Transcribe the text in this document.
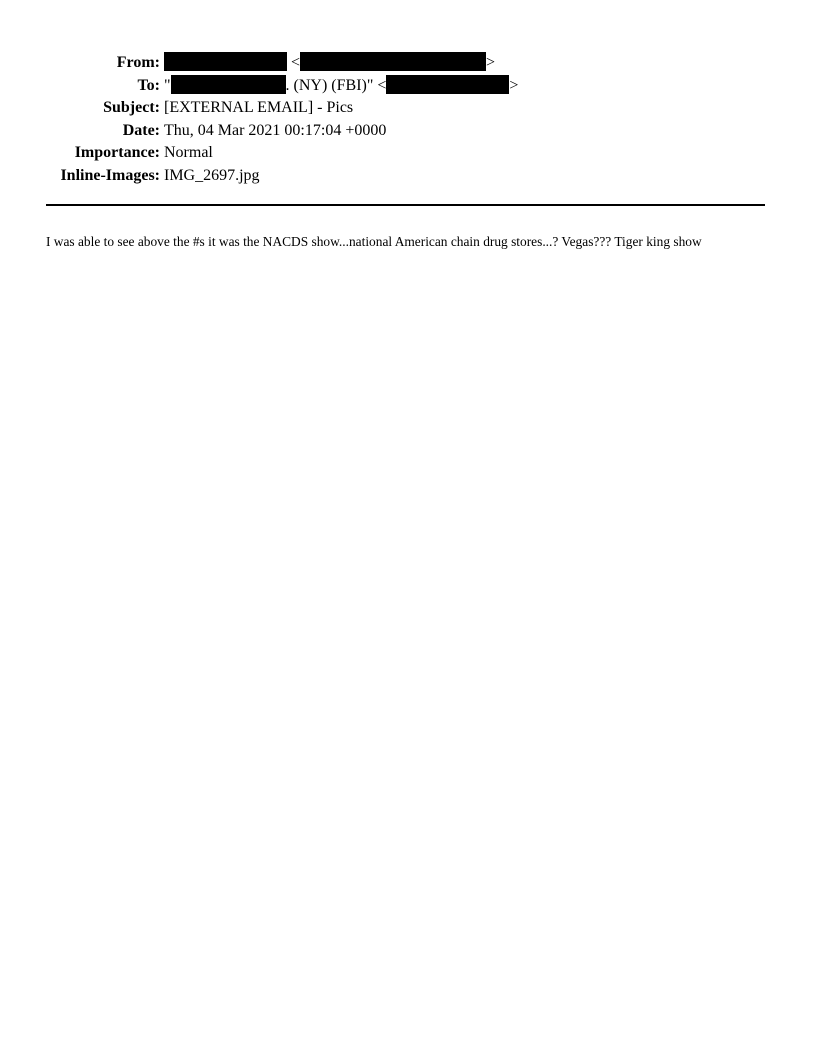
From:	<	>
To: "	. (NY) (FBI)" <	>
Subject: [EXTERNAL EMAIL] - Pics
Date: Thu, 04 Mar 2021 00:17:04 +0000
Importance: Normal
Inline-Images: IMG_2697.jpg
I was able to see above the #s it was the NACDS show...national American chain drug stores...? Vegas??? Tiger king show
